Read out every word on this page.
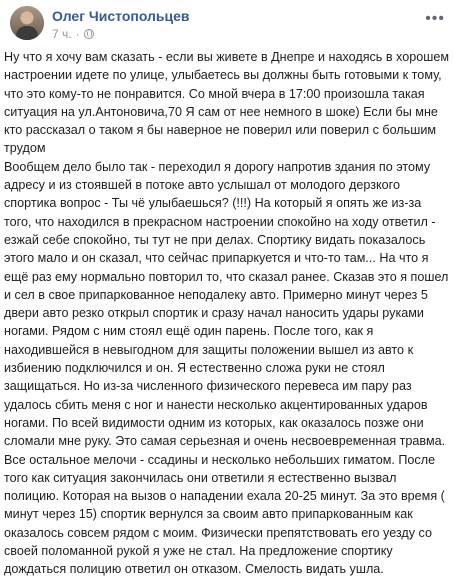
Олег Чистопольцев
7 ч. ·
•••

Ну что я хочу вам сказать - если вы живете в Днепре и находясь в хорошем настроении идете по улице, улыбаетесь вы должны быть готовыми к тому, что это кому-то не понравится. Со мной вчера в 17:00 произошла такая ситуация на ул.Антоновича,70 Я сам от нее немного в шоке) Если бы мне кто рассказал о таком я бы наверное не поверил или поверил с большим трудом

Вообщем дело было так - переходил я дорогу напротив здания по этому адресу и из стоявшей в потоке авто услышал от молодого дерзкого спортика вопрос - Ты чё улыбаешься? (!!!) На который я опять же из-за того, что находился в прекрасном настроении спокойно на ходу ответил - езжай себе спокойно, ты тут не при делах. Спортику видать показалось этого мало и он сказал, что сейчас припаркуется и что-то там... На что я ещё раз ему нормально повторил то, что сказал ранее. Сказав это я пошел и сел в свое припаркованное неподалеку авто. Примерно минут через 5 двери авто резко открыл спортик и сразу начал наносить удары руками ногами. Рядом с ним стоял ещё один парень. После того, как я находившейся в невыгодном для защиты положении вышел из авто к избиению подключился и он. Я естественно сложа руки не стоял защищаться. Но из-за численного физического перевеса им пару раз удалось сбить меня с ног и нанести несколько акцентированных ударов ногами. По всей видимости одним из которых, как оказалось позже они сломали мне руку. Это самая серьезная и очень несвоевременная травма. Все остальное мелочи - ссадины и несколько небольших гиматом. После того как ситуация закончилась они ответили я естественно вызвал полицию. Которая на вызов о нападении ехала 20-25 минут. За это время ( минут через 15) спортик вернулся за своим авто припаркованным как оказалось совсем рядом с моим. Физически препятствовать его уезду со своей поломанной рукой я уже не стал. На предложение спортику дождаться полицию ответил он отказом. Смелость видать ушла.
